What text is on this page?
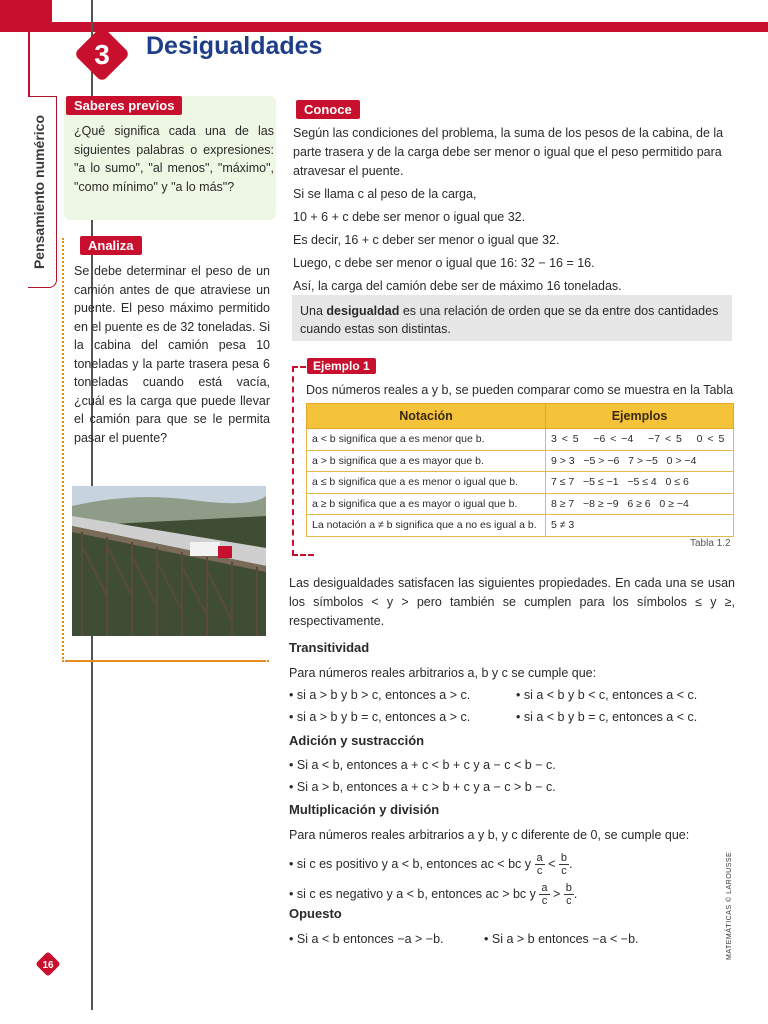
Pensamiento numérico
3 Desigualdades
Saberes previos
¿Qué significa cada una de las siguientes palabras o expresiones: "a lo sumo", "al menos", "máximo", "como mínimo" y "a lo más"?
Analiza
Se debe determinar el peso de un camión antes de que atraviese un puente. El peso máximo permitido en el puente es de 32 toneladas. Si la cabina del camión pesa 10 toneladas y la parte trasera pesa 6 toneladas cuando está vacía, ¿cuál es la carga que puede llevar el camión para que se le permita pasar el puente?
Conoce

Según las condiciones del problema, la suma de los pesos de la cabina, de la parte trasera y de la carga debe ser menor o igual que el peso permitido para atravesar el puente.

Si se llama c al peso de la carga,

10 + 6 + c debe ser menor o igual que 32.

Es decir, 16 + c deber ser menor o igual que 32.

Luego, c debe ser menor o igual que 16: 32 − 16 = 16.

Así, la carga del camión debe ser de máximo 16 toneladas.

Una desigualdad es una relación de orden que se da entre dos cantidades cuando estas son distintas.
Ejemplo 1
Dos números reales a y b, se pueden comparar como se muestra en la Tabla
Notación	Ejemplos
a < b significa que a es menor que b.	3 < 5 −6 < −4 −7 < 5 0 < 5
a > b significa que a es mayor que b.	9 > 3 −5 > −6 7 > −5 0 > −4
a ≤ b significa que a es menor o igual que b.	7 ≤ 7 −5 ≤ −1 −5 ≤ 4 0 ≤ 6
a ≥ b significa que a es mayor o igual que b.	8 ≥ 7 −8 ≥ −9 6 ≥ 6 0 ≥ −4
La notación a ≠ b significa que a no es igual a b.	5 ≠ 3
Tabla 1.2
Las desigualdades satisfacen las siguientes propiedades. En cada una se usan los símbolos < y > pero también se cumplen para los símbolos ≤ y ≥, respectivamente.
Transitividad
Para números reales arbitrarios a, b y c se cumple que:
• si a > b y b > c, entonces a > c.	• si a < b y b < c, entonces a < c.
• si a > b y b = c, entonces a > c.	• si a < b y b = c, entonces a < c.
Adición y sustracción
• Si a < b, entonces a + c < b + c y a − c < b − c.
• Si a > b, entonces a + c > b + c y a − c > b − c.
Multiplicación y división
Para números reales arbitrarios a y b, y c diferente de 0, se cumple que:
• si c es positivo y a < b, entonces ac < bc y $\frac{a}{c} < \frac{b}{c}$ .
• si c es negativo y a < b, entonces ac > bc y $\frac{a}{c} > \frac{b}{c}$ .
Opuesto
• Si a < b entonces −a > −b.	• Si a > b entonces −a < −b.	MATEMÁTICAS © LAROUSSE
16
